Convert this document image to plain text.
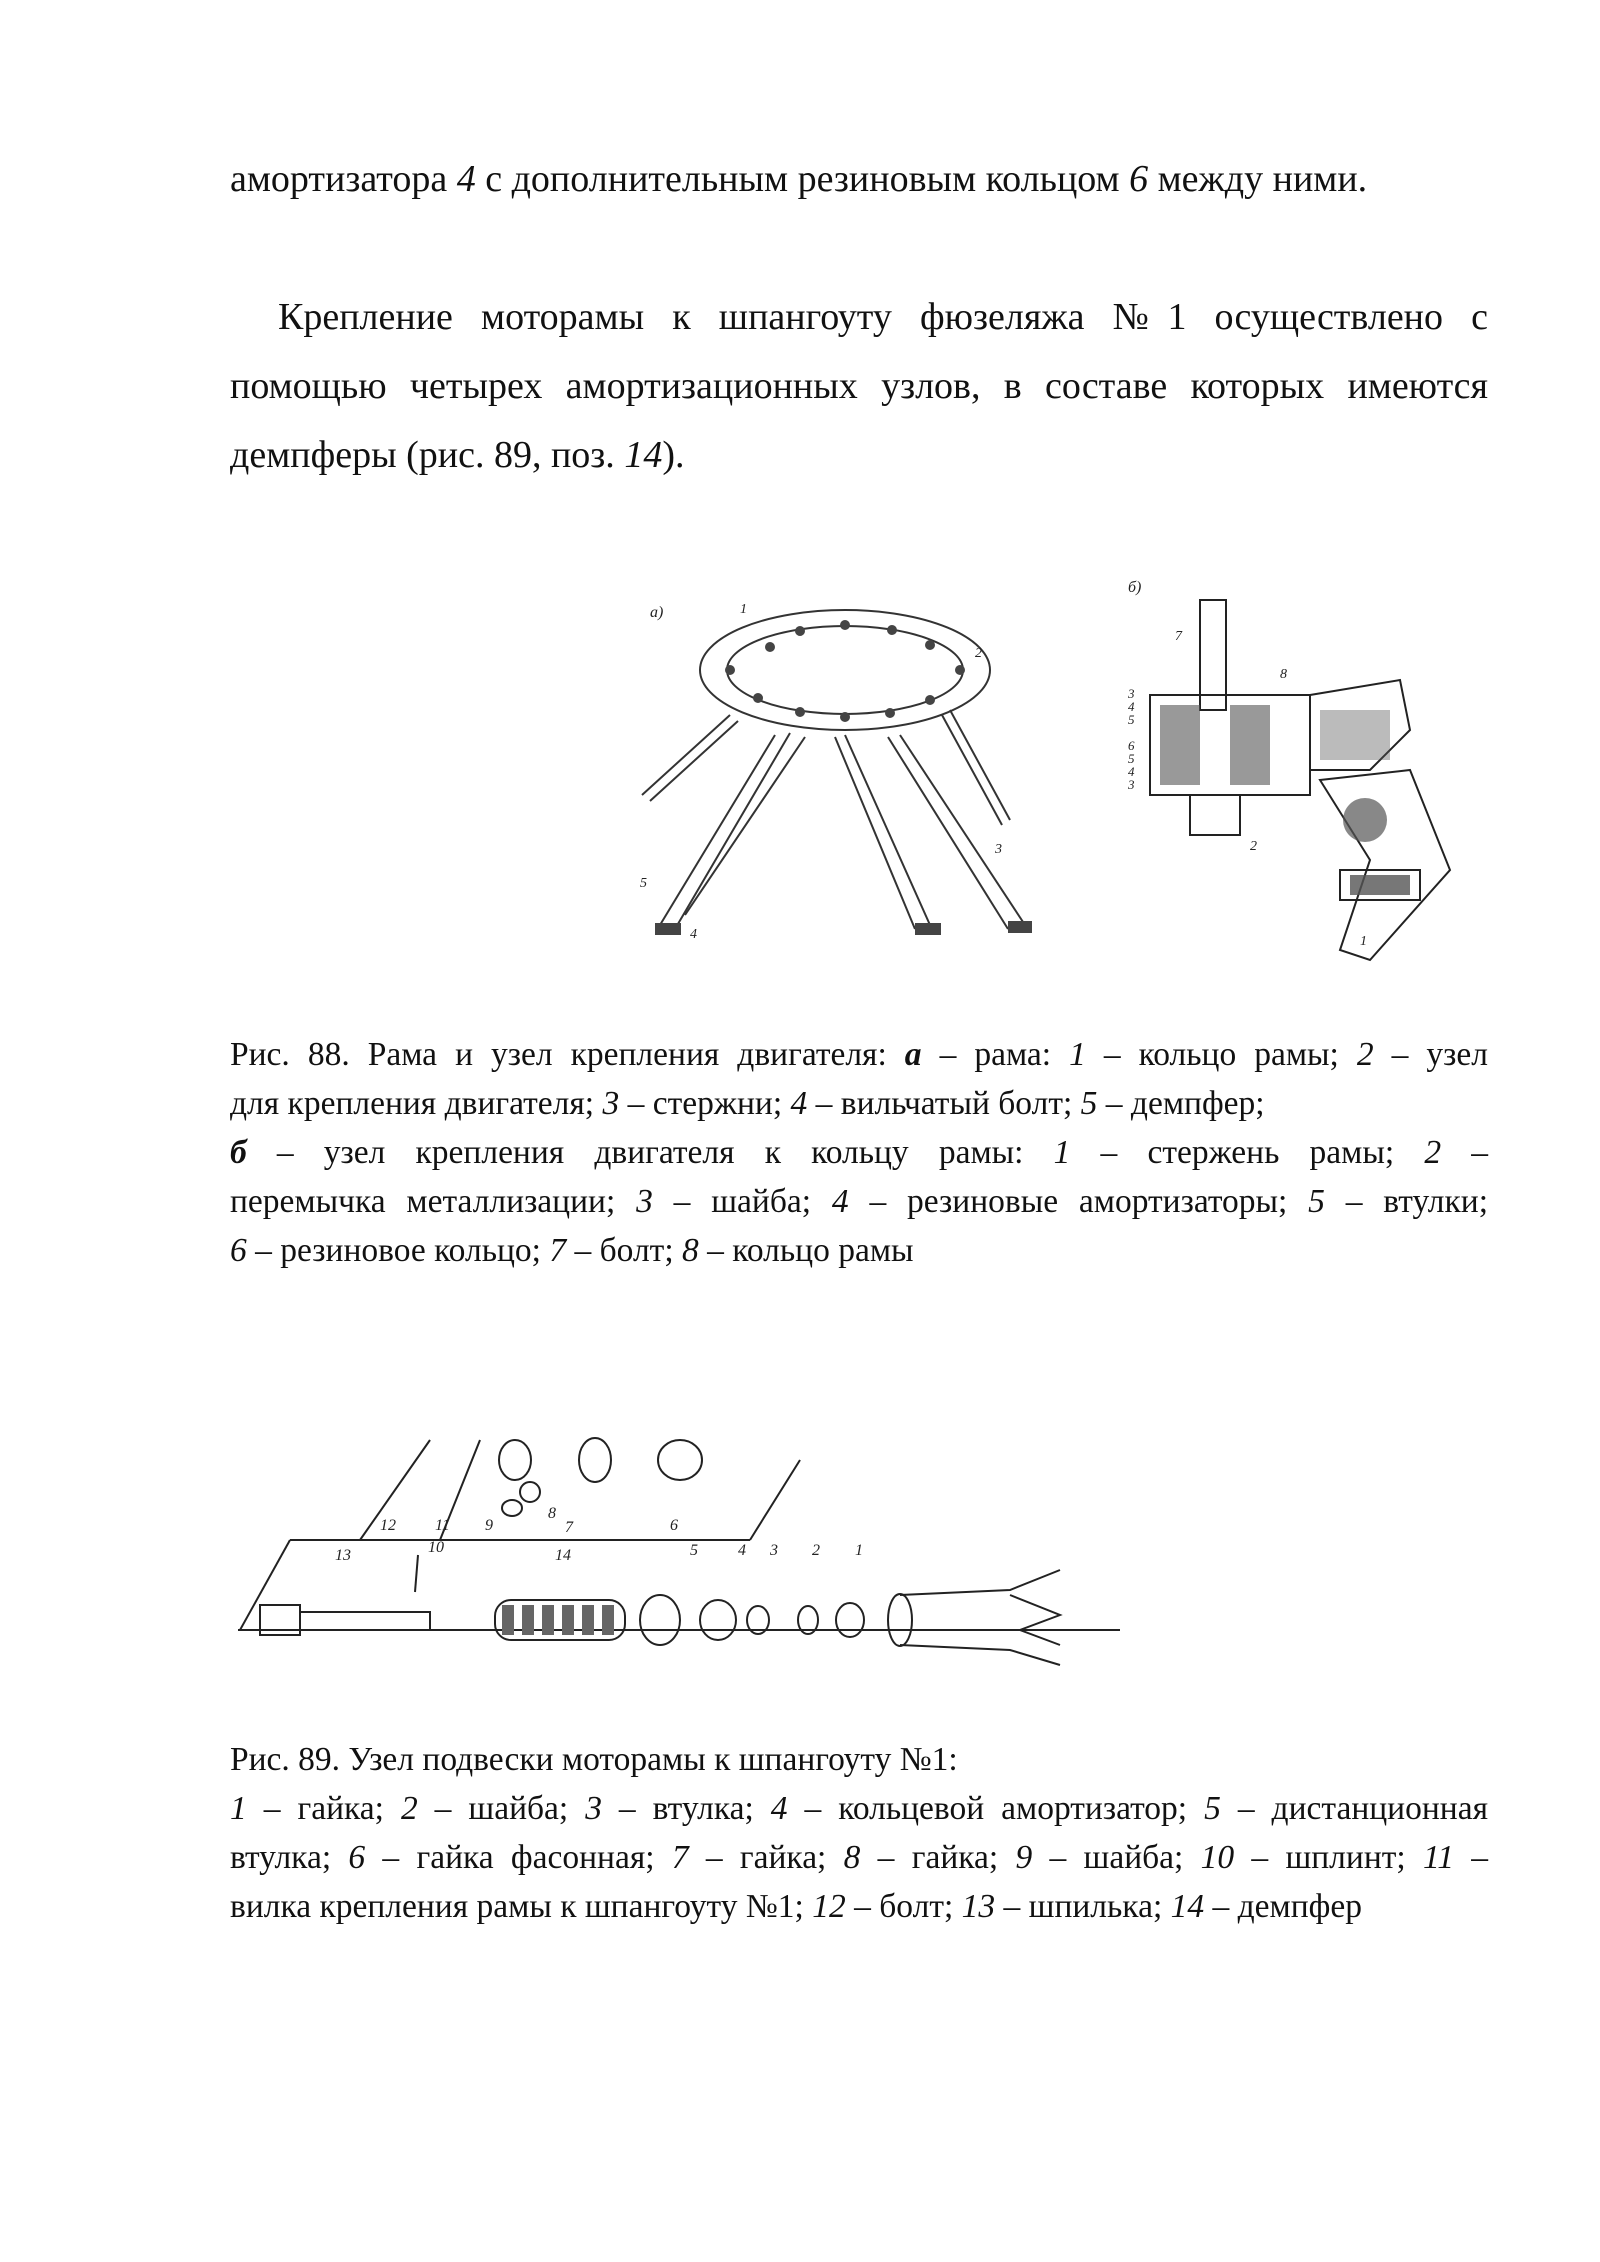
амортизатора 4 с дополнительным резиновым кольцом 6 между ними.

Крепление моторамы к шпангоуту фюзеляжа №1 осуществлено с помощью четырех амортизационных узлов, в составе которых имеются демпферы (рис. 89, поз. 14).

а)	1
2
3
5
4
б)
7
8
3
4
5
6
5
4
3
2
1

Рис. 88. Рама и узел крепления двигателя: а – рама: 1 – кольцо рамы; 2 – узел
для крепления двигателя; 3 – стержни; 4 – вильчатый болт; 5 – демпфер;
б – узел крепления двигателя к кольцу рамы: 1 – стержень рамы; 2 –
перемычка металлизации; 3 – шайба; 4 – резиновые амортизаторы; 5 – втулки;
6 – резиновое кольцо; 7 – болт; 8 – кольцо рамы

12 11 9
8
7	6
13	10	14	5	4 3 2 1

Рис. 89. Узел подвески моторамы к шпангоуту №1:
1 – гайка; 2 – шайба; 3 – втулка; 4 – кольцевой амортизатор; 5 – дистанционная
втулка; 6 – гайка фасонная; 7 – гайка; 8 – гайка; 9 – шайба; 10 – шплинт; 11 –
вилка крепления рамы к шпангоуту №1; 12 – болт; 13 – шпилька; 14 – демпфер
